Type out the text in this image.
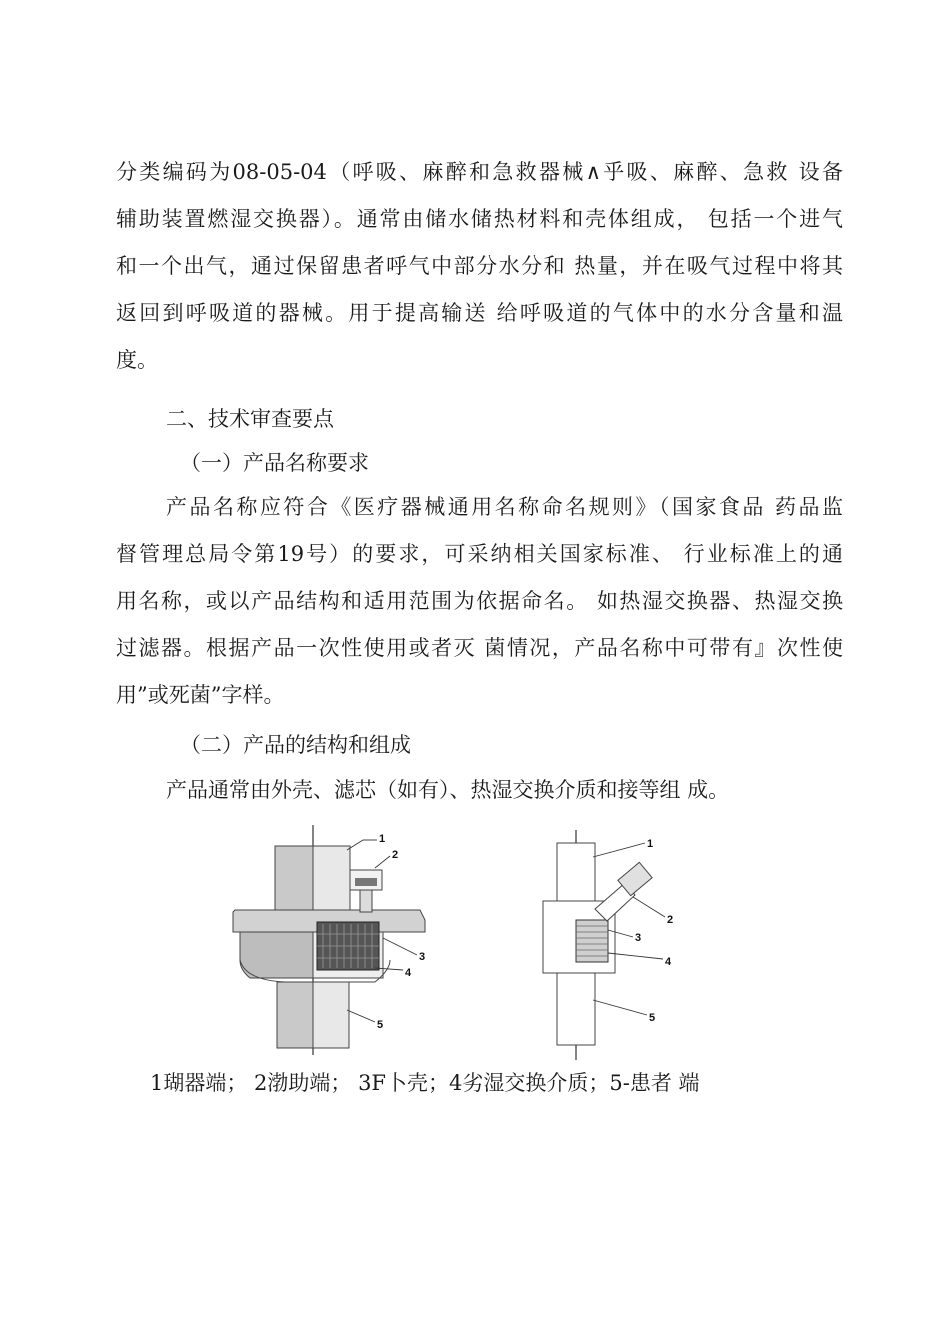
分类编码为08-05-04（呼吸、麻醉和急救器械∧乎吸、麻醉、急救 设备
辅助装置燃湿交换器）。通常由储水储热材料和壳体组成， 包括一个进气
和一个出气，通过保留患者呼气中部分水分和 热量，并在吸气过程中将其
返回到呼吸道的器械。用于提高输送 给呼吸道的气体中的水分含量和温
度。
二、技术审查要点
（一）产品名称要求
产品名称应符合《医疗器械通用名称命名规则》（国家食品 药品监
督管理总局令第19号）的要求，可采纳相关国家标准、 行业标准上的通
用名称，或以产品结构和适用范围为依据命名。 如热湿交换器、热湿交换
过滤器。根据产品一次性使用或者灭 菌情况，产品名称中可带有』次性使
用”或死菌”字样。
（二）产品的结构和组成
产品通常由外壳、滤芯（如有）、热湿交换介质和接等组 成。
1
2
3
4
5
1
2
3
4
5
1瑚器端； 2渤助端； 3F卜壳；4劣湿交换介质；5-患者 端
